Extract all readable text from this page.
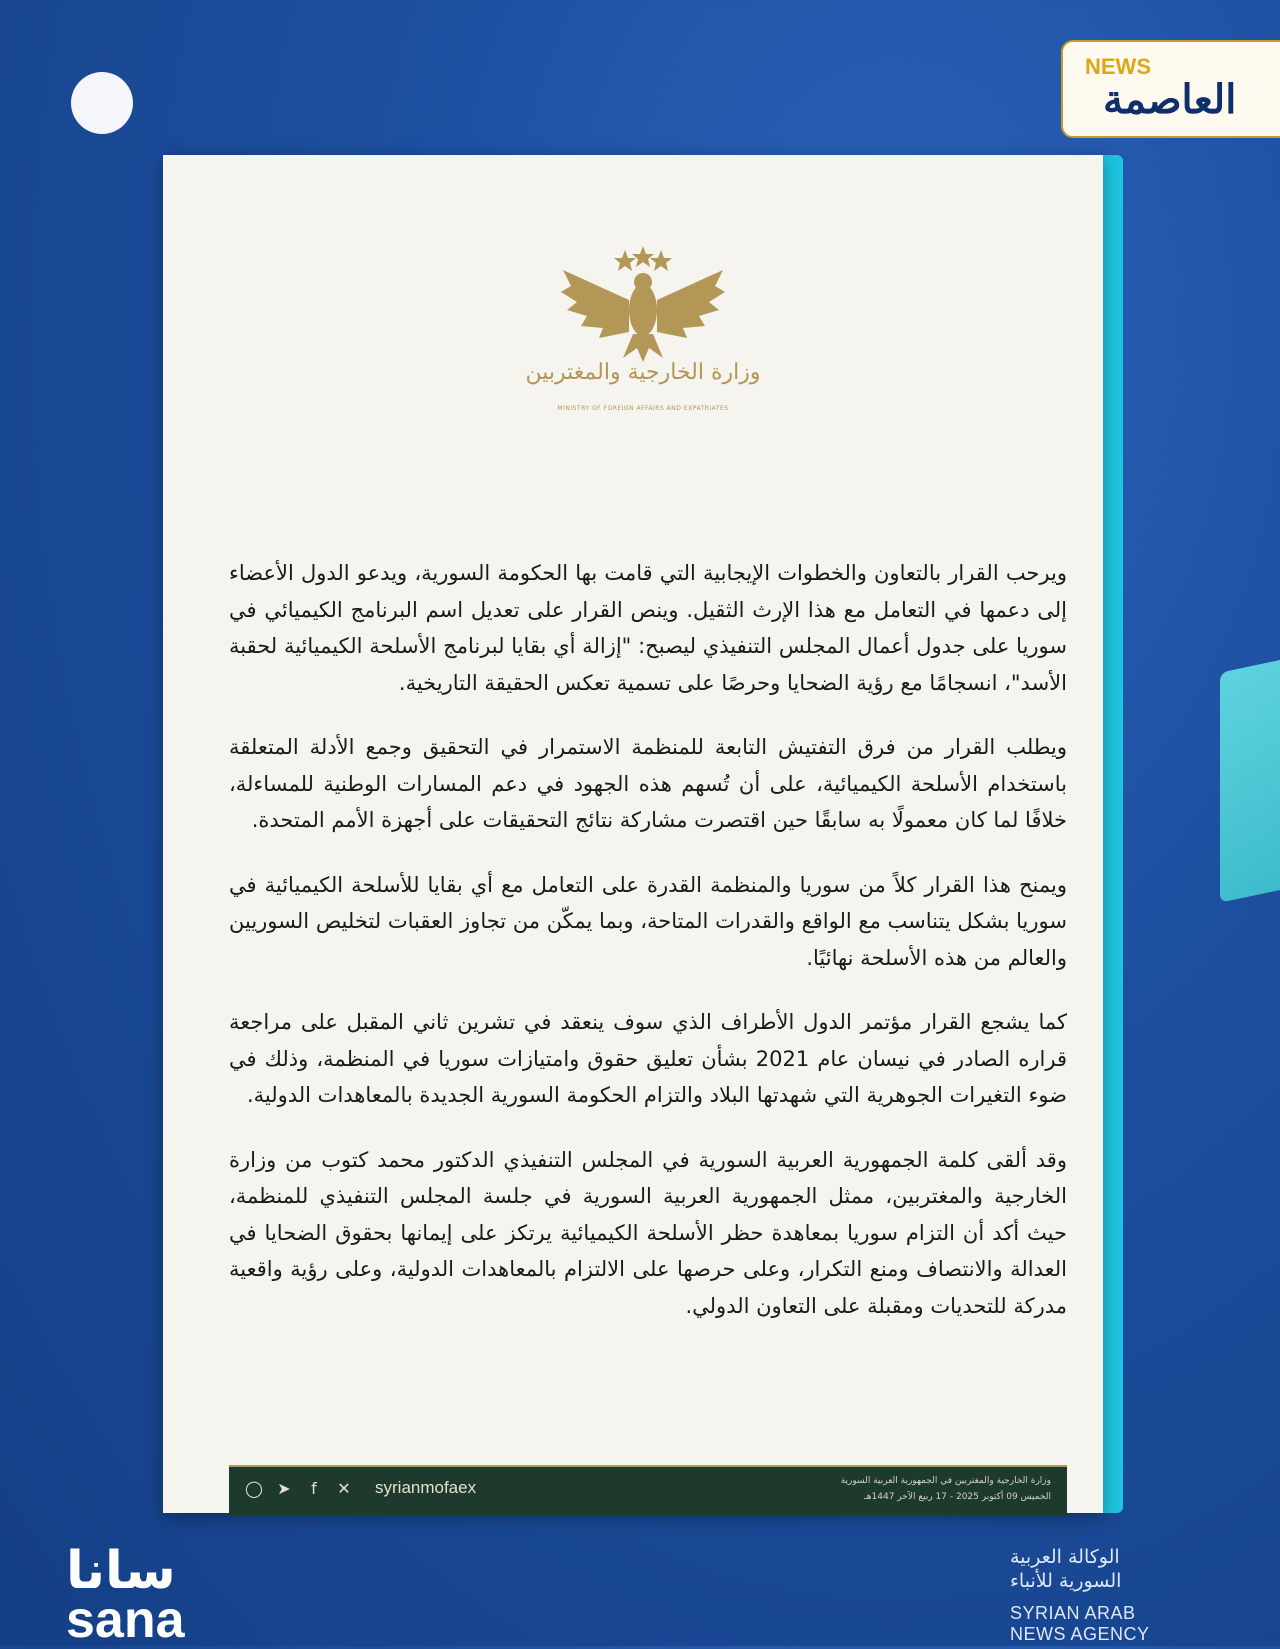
NEWS
العاصمة
وزارة الخارجية والمغتربين
MINISTRY OF FOREIGN AFFAIRS AND EXPATRIATES

ويرحب القرار بالتعاون والخطوات الإيجابية التي قامت بها الحكومة السورية، ويدعو الدول الأعضاء إلى دعمها في التعامل مع هذا الإرث الثقيل. وينص القرار على تعديل اسم البرنامج الكيميائي في سوريا على جدول أعمال المجلس التنفيذي ليصبح: "إزالة أي بقايا لبرنامج الأسلحة الكيميائية لحقبة الأسد"، انسجامًا مع رؤية الضحايا وحرصًا على تسمية تعكس الحقيقة التاريخية.

ويطلب القرار من فرق التفتيش التابعة للمنظمة الاستمرار في التحقيق وجمع الأدلة المتعلقة باستخدام الأسلحة الكيميائية، على أن تُسهم هذه الجهود في دعم المسارات الوطنية للمساءلة، خلافًا لما كان معمولًا به سابقًا حين اقتصرت مشاركة نتائج التحقيقات على أجهزة الأمم المتحدة.

ويمنح هذا القرار كلاً من سوريا والمنظمة القدرة على التعامل مع أي بقايا للأسلحة الكيميائية في سوريا بشكل يتناسب مع الواقع والقدرات المتاحة، وبما يمكّن من تجاوز العقبات لتخليص السوريين والعالم من هذه الأسلحة نهائيًا.

كما يشجع القرار مؤتمر الدول الأطراف الذي سوف ينعقد في تشرين ثاني المقبل على مراجعة قراره الصادر في نيسان عام 2021 بشأن تعليق حقوق وامتيازات سوريا في المنظمة، وذلك في ضوء التغيرات الجوهرية التي شهدتها البلاد والتزام الحكومة السورية الجديدة بالمعاهدات الدولية.

وقد ألقى كلمة الجمهورية العربية السورية في المجلس التنفيذي الدكتور محمد كتوب من وزارة الخارجية والمغتربين، ممثل الجمهورية العربية السورية في جلسة المجلس التنفيذي للمنظمة، حيث أكد أن التزام سوريا بمعاهدة حظر الأسلحة الكيميائية يرتكز على إيمانها بحقوق الضحايا في العدالة والانتصاف ومنع التكرار، وعلى حرصها على الالتزام بالمعاهدات الدولية، وعلى رؤية واقعية مدركة للتحديات ومقبلة على التعاون الدولي.

◯ ➤	f	✕ syrianmofaex	وزارة الخارجية والمغتربين في الجمهورية العربية السورية
الخميس 09 أكتوبر 2025 - 17 ربيع الآخر 1447هـ
سانا
sana
الوكالة العربية
السورية للأنباء
SYRIAN ARAB
NEWS AGENCY
